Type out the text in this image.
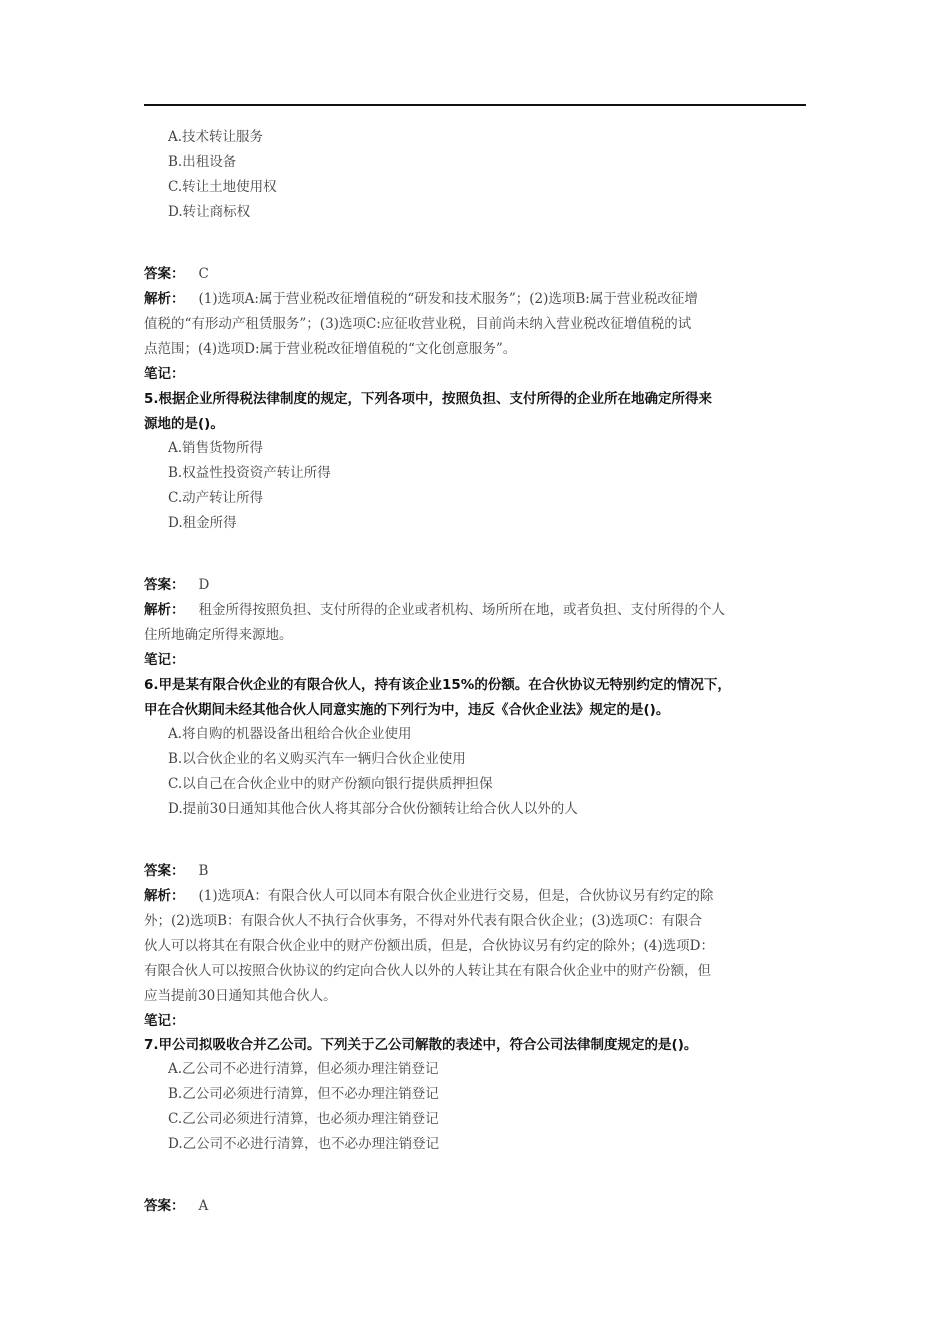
A.技术转让服务
B.出租设备
C.转让土地使用权
D.转让商标权
答案： C
解析： (1)选项A:属于营业税改征增值税的“研发和技术服务”；(2)选项B:属于营业税改征增
值税的“有形动产租赁服务”；(3)选项C:应征收营业税，目前尚未纳入营业税改征增值税的试
点范围；(4)选项D:属于营业税改征增值税的“文化创意服务”。
笔记：
5.根据企业所得税法律制度的规定，下列各项中，按照负担、支付所得的企业所在地确定所得来
源地的是()。
A.销售货物所得
B.权益性投资资产转让所得
C.动产转让所得
D.租金所得
答案： D
解析： 租金所得按照负担、支付所得的企业或者机构、场所所在地，或者负担、支付所得的个人
住所地确定所得来源地。
笔记：
6.甲是某有限合伙企业的有限合伙人，持有该企业15%的份额。在合伙协议无特别约定的情况下，
甲在合伙期间未经其他合伙人同意实施的下列行为中，违反《合伙企业法》规定的是()。
A.将自购的机器设备出租给合伙企业使用
B.以合伙企业的名义购买汽车一辆归合伙企业使用
C.以自己在合伙企业中的财产份额向银行提供质押担保
D.提前30日通知其他合伙人将其部分合伙份额转让给合伙人以外的人
答案： B
解析： (1)选项A：有限合伙人可以同本有限合伙企业进行交易，但是，合伙协议另有约定的除
外；(2)选项B：有限合伙人不执行合伙事务，不得对外代表有限合伙企业；(3)选项C：有限合
伙人可以将其在有限合伙企业中的财产份额出质，但是，合伙协议另有约定的除外；(4)选项D：
有限合伙人可以按照合伙协议的约定向合伙人以外的人转让其在有限合伙企业中的财产份额，但
应当提前30日通知其他合伙人。
笔记：
7.甲公司拟吸收合并乙公司。下列关于乙公司解散的表述中，符合公司法律制度规定的是()。
A.乙公司不必进行清算，但必须办理注销登记
B.乙公司必须进行清算，但不必办理注销登记
C.乙公司必须进行清算，也必须办理注销登记
D.乙公司不必进行清算，也不必办理注销登记
答案： A
